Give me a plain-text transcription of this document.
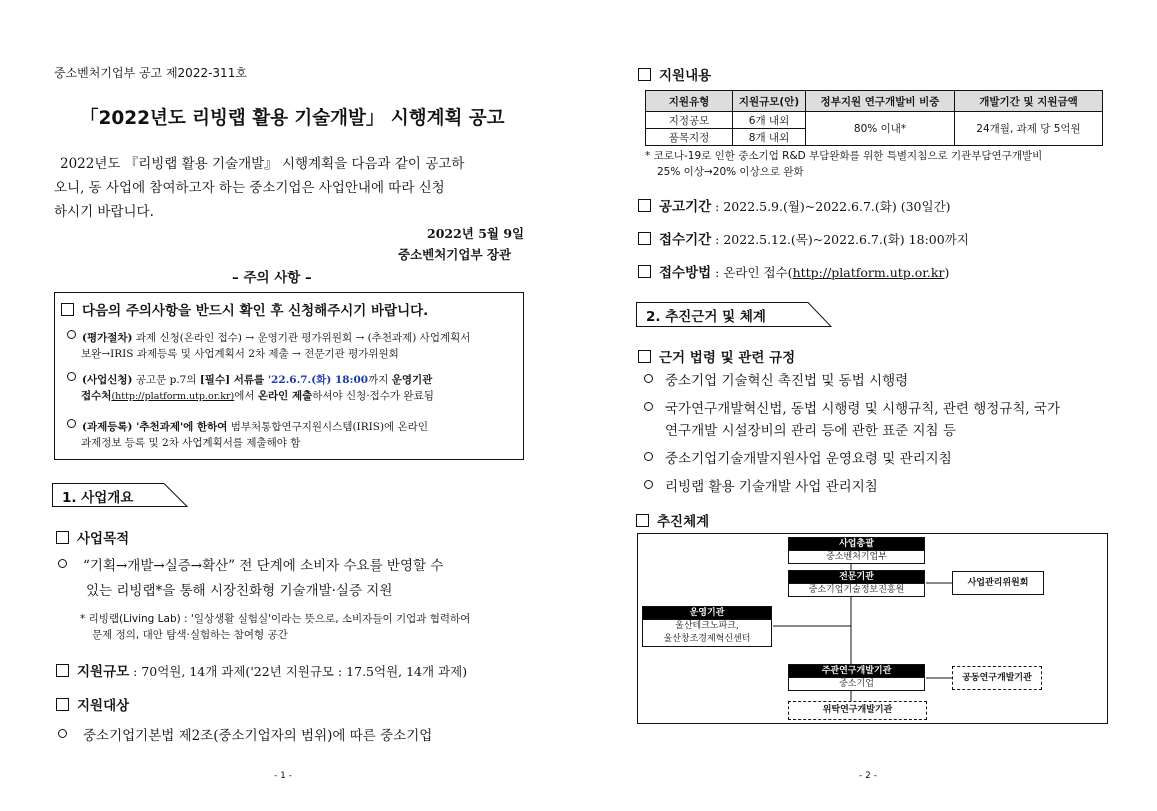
중소벤처기업부 공고 제2022-311호
「2022년도 리빙랩 활용 기술개발」 시행계획 공고
2022년도 『리빙랩 활용 기술개발』 시행계획을 다음과 같이 공고하
오니, 동 사업에 참여하고자 하는 중소기업은 사업안내에 따라 신청
하시기 바랍니다.
2022년 5월 9일
중소벤처기업부 장관
– 주의 사항 –
다음의 주의사항을 반드시 확인 후 신청해주시기 바랍니다.
(평가절차) 과제 신청(온라인 접수) → 운영기관 평가위원회 → (추천과제) 사업계획서
보완→IRIS 과제등록 및 사업계획서 2차 제출 → 전문기관 평가위원회
(사업신청) 공고문 p.7의 [필수] 서류를 '22.6.7.(화) 18:00까지 운영기관
접수처(http://platform.utp.or.kr)에서 온라인 제출하셔야 신청·접수가 완료됨
(과제등록) '추천과제'에 한하여 범부처통합연구지원시스템(IRIS)에 온라인
과제정보 등록 및 2차 사업계획서를 제출해야 함
1. 사업개요
사업목적
“기획→개발→실증→확산” 전 단계에 소비자 수요를 반영할 수
있는 리빙랩*을 통해 시장친화형 기술개발·실증 지원
* 리빙랩(Living Lab) : '일상생활 실험실'이라는 뜻으로, 소비자들이 기업과 협력하여
문제 정의, 대안 탐색·실험하는 참여형 공간
지원규모 : 70억원, 14개 과제('22년 지원규모 : 17.5억원, 14개 과제)
지원대상
중소기업기본법 제2조(중소기업자의 범위)에 따른 중소기업
- 1 -
지원내용
지원유형	지원규모(안)	정부지원 연구개발비 비중	개발기간 및 지원금액
지정공모	6개 내외	80% 이내*	24개월, 과제 당 5억원
품목지정	8개 내외		
* 코로나-19로 인한 중소기업 R&D 부담완화를 위한 특별지침으로 기관부담연구개발비
25% 이상→20% 이상으로 완화
공고기간 : 2022.5.9.(월)~2022.6.7.(화) (30일간)
접수기간 : 2022.5.12.(목)~2022.6.7.(화) 18:00까지
접수방법 : 온라인 접수(http://platform.utp.or.kr)
2. 추진근거 및 체계
근거 법령 및 관련 규정
중소기업 기술혁신 촉진법 및 동법 시행령
국가연구개발혁신법, 동법 시행령 및 시행규칙, 관련 행정규칙, 국가
연구개발 시설장비의 관리 등에 관한 표준 지침 등
중소기업기술개발지원사업 운영요령 및 관리지침
리빙랩 활용 기술개발 사업 관리지침
추진체계
사업총괄
중소벤처기업부
전문기관
중소기업기술정보진흥원
사업관리위원회
운영기관
울산테크노파크,
울산창조경제혁신센터
주관연구개발기관
중소기업
공동연구개발기관
위탁연구개발기관
- 2 -
